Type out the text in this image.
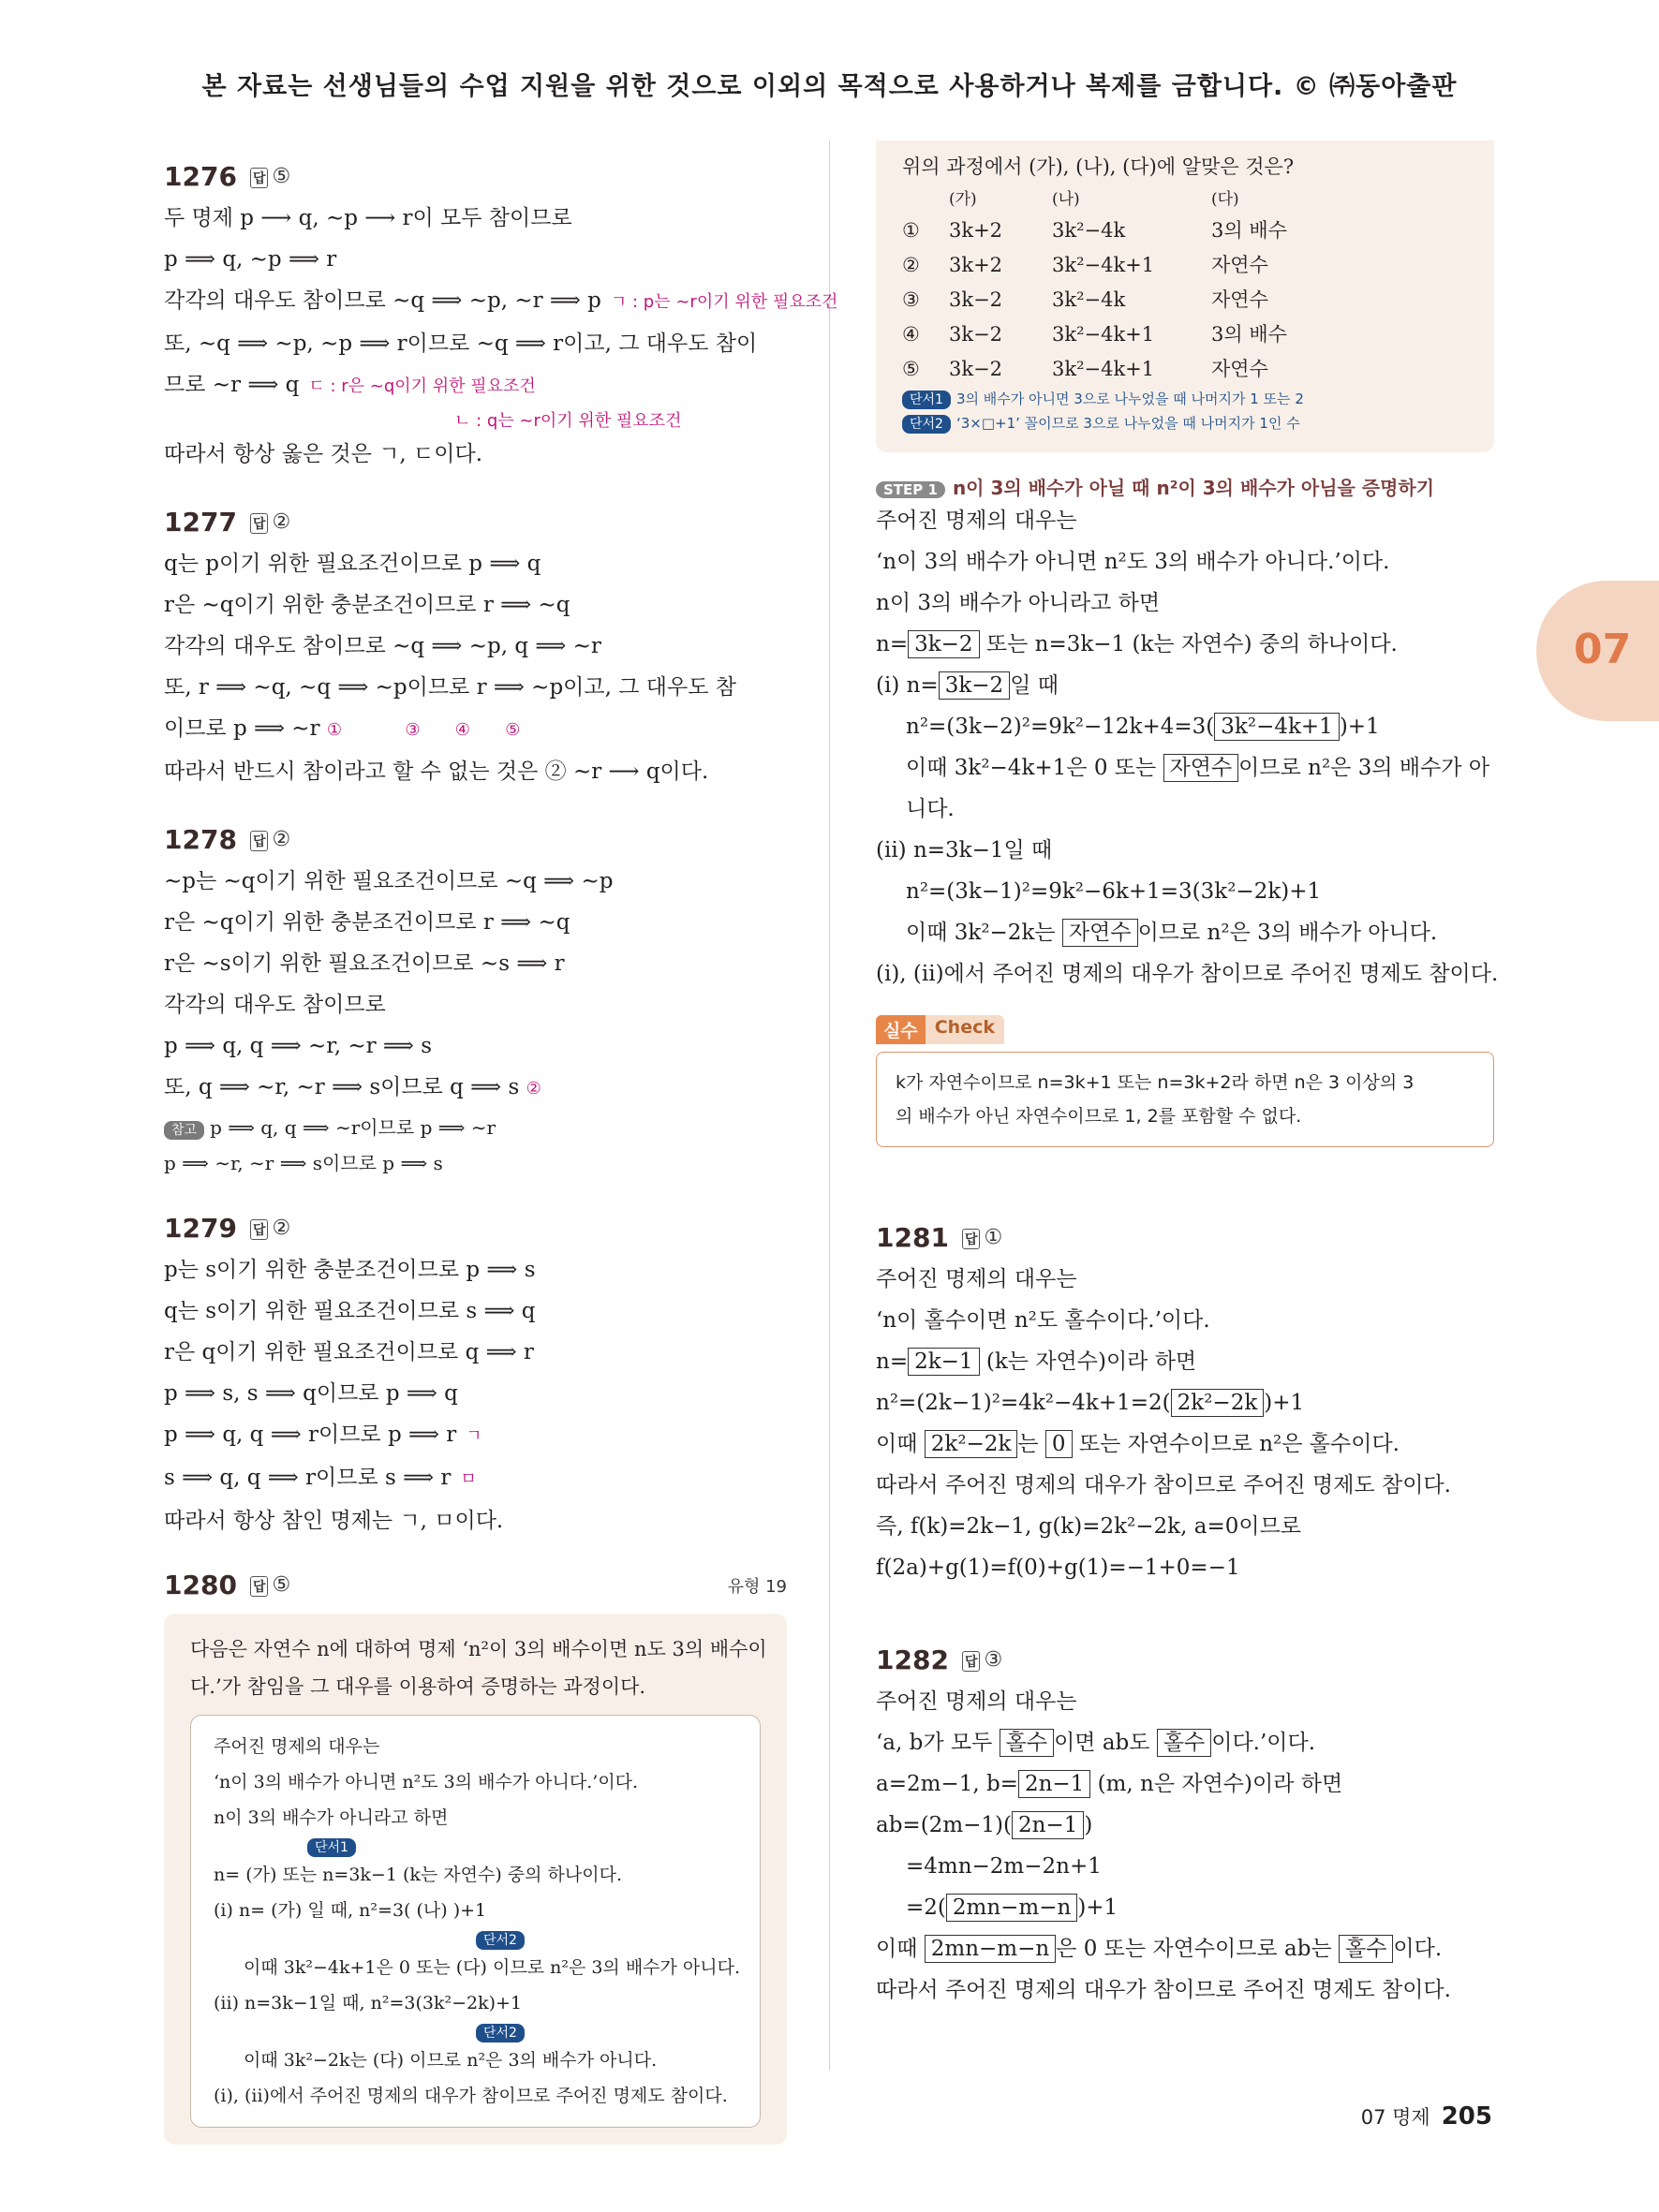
본 자료는 선생님들의 수업 지원을 위한 것으로 이외의 목적으로 사용하거나 복제를 금합니다. © ㈜동아출판
1276 답 ⑤
두 명제 p ⟶ q, ∼p ⟶ r이 모두 참이므로
p ⟹ q, ∼p ⟹ r
각각의 대우도 참이므로 ∼q ⟹ ∼p, ∼r ⟹ p ㄱ : p는 ∼r이기 위한 필요조건
또, ∼q ⟹ ∼p, ∼p ⟹ r이므로 ∼q ⟹ r이고, 그 대우도 참이
므로 ∼r ⟹ q ㄷ : r은 ∼q이기 위한 필요조건
ㄴ : q는 ∼r이기 위한 필요조건
따라서 항상 옳은 것은 ㄱ, ㄷ이다.
1277 답 ②
q는 p이기 위한 필요조건이므로 p ⟹ q
r은 ∼q이기 위한 충분조건이므로 r ⟹ ∼q
각각의 대우도 참이므로 ∼q ⟹ ∼p, q ⟹ ∼r
또, r ⟹ ∼q, ∼q ⟹ ∼p이므로 r ⟹ ∼p이고, 그 대우도 참
이므로 p ⟹ ∼r ①	③ ④ ⑤
따라서 반드시 참이라고 할 수 없는 것은 ② ∼r ⟶ q이다.
1278 답 ②
∼p는 ∼q이기 위한 필요조건이므로 ∼q ⟹ ∼p
r은 ∼q이기 위한 충분조건이므로 r ⟹ ∼q
r은 ∼s이기 위한 필요조건이므로 ∼s ⟹ r
각각의 대우도 참이므로
p ⟹ q, q ⟹ ∼r, ∼r ⟹ s
또, q ⟹ ∼r, ∼r ⟹ s이므로 q ⟹ s ②
참고 p ⟹ q, q ⟹ ∼r이므로 p ⟹ ∼r
p ⟹ ∼r, ∼r ⟹ s이므로 p ⟹ s
1279 답 ②
p는 s이기 위한 충분조건이므로 p ⟹ s
q는 s이기 위한 필요조건이므로 s ⟹ q
r은 q이기 위한 필요조건이므로 q ⟹ r
p ⟹ s, s ⟹ q이므로 p ⟹ q
p ⟹ q, q ⟹ r이므로 p ⟹ r ㄱ
s ⟹ q, q ⟹ r이므로 s ⟹ r ㅁ
따라서 항상 참인 명제는 ㄱ, ㅁ이다.
1280 답 ⑤	유형 19
다음은 자연수 n에 대하여 명제 ‘n²이 3의 배수이면 n도 3의 배수이
다.’가 참임을 그 대우를 이용하여 증명하는 과정이다.
주어진 명제의 대우는
‘n이 3의 배수가 아니면 n²도 3의 배수가 아니다.’이다.
n이 3의 배수가 아니라고 하면
단서1
n= (가) 또는 n=3k−1 (k는 자연수) 중의 하나이다.
(i) n= (가) 일 때, n²=3( (나) )+1
단서2
이때 3k²−4k+1은 0 또는 (다) 이므로 n²은 3의 배수가 아니다.
(ii) n=3k−1일 때, n²=3(3k²−2k)+1
단서2
이때 3k²−2k는 (다) 이므로 n²은 3의 배수가 아니다.
(i), (ii)에서 주어진 명제의 대우가 참이므로 주어진 명제도 참이다.
위의 과정에서 (가), (나), (다)에 알맞은 것은?
(가)	(나)	(다)
①	3k+2	3k²−4k	3의 배수
②	3k+2	3k²−4k+1	자연수
③	3k−2	3k²−4k	자연수
④	3k−2	3k²−4k+1	3의 배수
⑤	3k−2	3k²−4k+1	자연수
단서1 3의 배수가 아니면 3으로 나누었을 때 나머지가 1 또는 2
단서2 ‘3×□+1’ 꼴이므로 3으로 나누었을 때 나머지가 1인 수
STEP 1 n이 3의 배수가 아닐 때 n²이 3의 배수가 아님을 증명하기
주어진 명제의 대우는
‘n이 3의 배수가 아니면 n²도 3의 배수가 아니다.’이다.
n이 3의 배수가 아니라고 하면
n= 3k−2 또는 n=3k−1 (k는 자연수) 중의 하나이다.
(i) n= 3k−2 일 때
n²=(3k−2)²=9k²−12k+4=3( 3k²−4k+1 )+1
이때 3k²−4k+1은 0 또는 자연수 이므로 n²은 3의 배수가 아
니다.
(ii) n=3k−1일 때
n²=(3k−1)²=9k²−6k+1=3(3k²−2k)+1
이때 3k²−2k는 자연수 이므로 n²은 3의 배수가 아니다.
(i), (ii)에서 주어진 명제의 대우가 참이므로 주어진 명제도 참이다.
실수 Check
k가 자연수이므로 n=3k+1 또는 n=3k+2라 하면 n은 3 이상의 3
의 배수가 아닌 자연수이므로 1, 2를 포함할 수 없다.
1281 답 ①
주어진 명제의 대우는
‘n이 홀수이면 n²도 홀수이다.’이다.
n= 2k−1 (k는 자연수)이라 하면
n²=(2k−1)²=4k²−4k+1=2( 2k²−2k )+1
이때 2k²−2k 는 0 또는 자연수이므로 n²은 홀수이다.
따라서 주어진 명제의 대우가 참이므로 주어진 명제도 참이다.
즉, f(k)=2k−1, g(k)=2k²−2k, a=0이므로
f(2a)+g(1)=f(0)+g(1)=−1+0=−1
1282 답 ③
주어진 명제의 대우는
‘a, b가 모두 홀수 이면 ab도 홀수 이다.’이다.
a=2m−1, b= 2n−1 (m, n은 자연수)이라 하면
ab=(2m−1)( 2n−1 )
=4mn−2m−2n+1
=2( 2mn−m−n )+1
이때 2mn−m−n 은 0 또는 자연수이므로 ab는 홀수 이다.
따라서 주어진 명제의 대우가 참이므로 주어진 명제도 참이다.
07
07 명제 205
